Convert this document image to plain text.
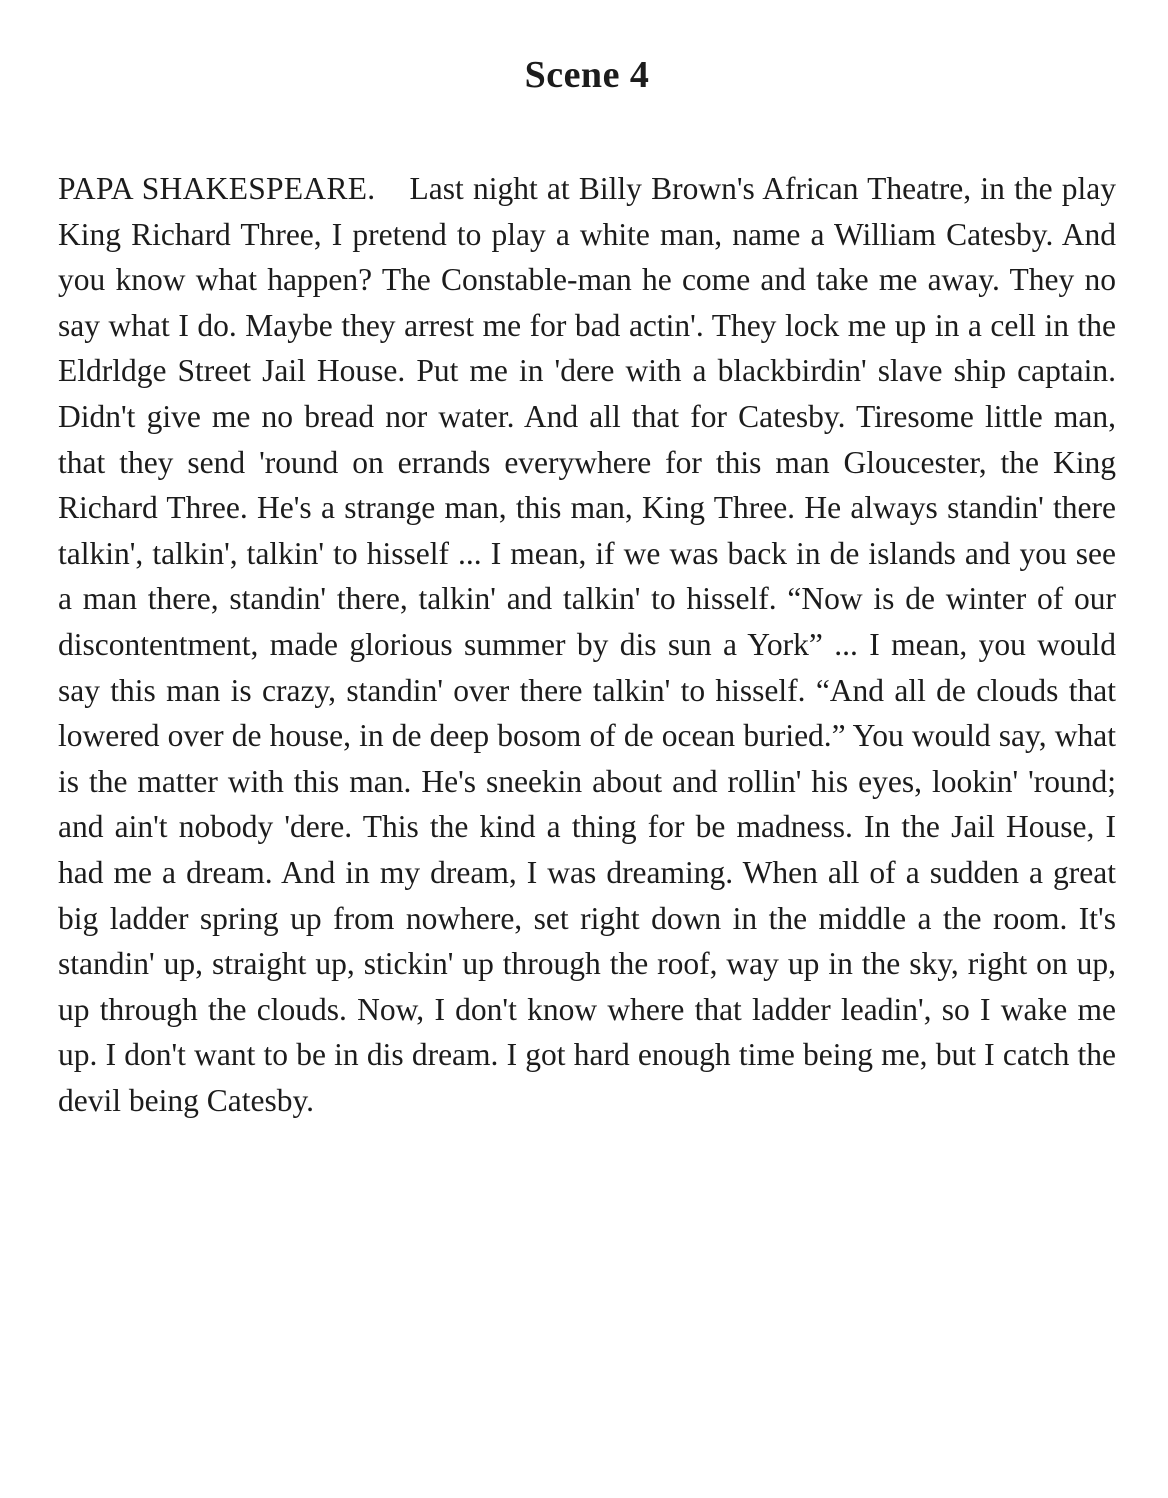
Scene 4

PAPA SHAKESPEARE. Last night at Billy Brown's African Theatre, in the play King Richard Three, I pretend to play a white man, name a William Catesby. And you know what happen? The Constable-man he come and take me away. They no say what I do. Maybe they arrest me for bad actin'. They lock me up in a cell in the Eldrldge Street Jail House. Put me in 'dere with a blackbirdin' slave ship captain. Didn't give me no bread nor water. And all that for Catesby. Tiresome little man, that they send 'round on errands everywhere for this man Gloucester, the King Richard Three. He's a strange man, this man, King Three. He always standin' there talkin', talkin', talkin' to hisself ... I mean, if we was back in de islands and you see a man there, standin' there, talkin' and talkin' to hisself. “Now is de winter of our discontentment, made glorious summer by dis sun a York” ... I mean, you would say this man is crazy, standin' over there talkin' to hisself. “And all de clouds that lowered over de house, in de deep bosom of de ocean buried.” You would say, what is the matter with this man. He's sneekin about and rollin' his eyes, lookin' 'round; and ain't nobody 'dere. This the kind a thing for be madness. In the Jail House, I had me a dream. And in my dream, I was dreaming. When all of a sudden a great big ladder spring up from nowhere, set right down in the middle a the room. It's standin' up, straight up, stickin' up through the roof, way up in the sky, right on up, up through the clouds. Now, I don't know where that ladder leadin', so I wake me up. I don't want to be in dis dream. I got hard enough time being me, but I catch the devil being Catesby.
